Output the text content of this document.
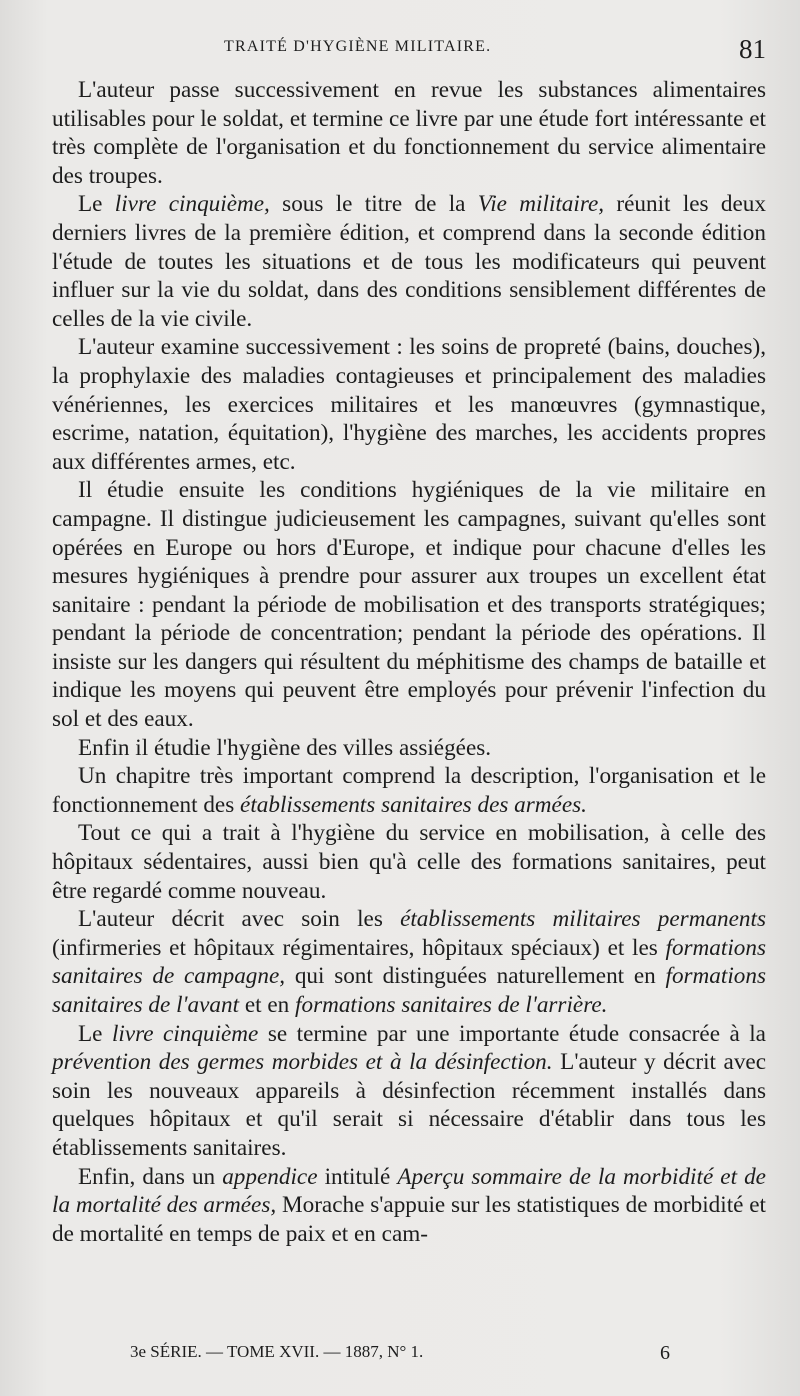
TRAITÉ D'HYGIÈNE MILITAIRE.	81

L'auteur passe successivement en revue les substances alimentaires utilisables pour le soldat, et termine ce livre par une étude fort intéressante et très complète de l'organisation et du fonctionnement du service alimentaire des troupes.

Le livre cinquième, sous le titre de la Vie militaire, réunit les deux derniers livres de la première édition, et comprend dans la seconde édition l'étude de toutes les situations et de tous les modificateurs qui peuvent influer sur la vie du soldat, dans des conditions sensiblement différentes de celles de la vie civile.

L'auteur examine successivement : les soins de propreté (bains, douches), la prophylaxie des maladies contagieuses et principalement des maladies vénériennes, les exercices militaires et les manœuvres (gymnastique, escrime, natation, équitation), l'hygiène des marches, les accidents propres aux différentes armes, etc.

Il étudie ensuite les conditions hygiéniques de la vie militaire en campagne. Il distingue judicieusement les campagnes, suivant qu'elles sont opérées en Europe ou hors d'Europe, et indique pour chacune d'elles les mesures hygiéniques à prendre pour assurer aux troupes un excellent état sanitaire : pendant la période de mobilisation et des transports stratégiques; pendant la période de concentration; pendant la période des opérations. Il insiste sur les dangers qui résultent du méphitisme des champs de bataille et indique les moyens qui peuvent être employés pour prévenir l'infection du sol et des eaux.

Enfin il étudie l'hygiène des villes assiégées.

Un chapitre très important comprend la description, l'organisation et le fonctionnement des établissements sanitaires des armées.

Tout ce qui a trait à l'hygiène du service en mobilisation, à celle des hôpitaux sédentaires, aussi bien qu'à celle des formations sanitaires, peut être regardé comme nouveau.

L'auteur décrit avec soin les établissements militaires permanents (infirmeries et hôpitaux régimentaires, hôpitaux spéciaux) et les formations sanitaires de campagne, qui sont distinguées naturellement en formations sanitaires de l'avant et en formations sanitaires de l'arrière.

Le livre cinquième se termine par une importante étude consacrée à la prévention des germes morbides et à la désinfection. L'auteur y décrit avec soin les nouveaux appareils à désinfection récemment installés dans quelques hôpitaux et qu'il serait si nécessaire d'établir dans tous les établissements sanitaires.

Enfin, dans un appendice intitulé Aperçu sommaire de la morbidité et de la mortalité des armées, Morache s'appuie sur les statistiques de morbidité et de mortalité en temps de paix et en cam-

3e SÉRIE. — TOME XVII. — 1887, N° 1.	6
